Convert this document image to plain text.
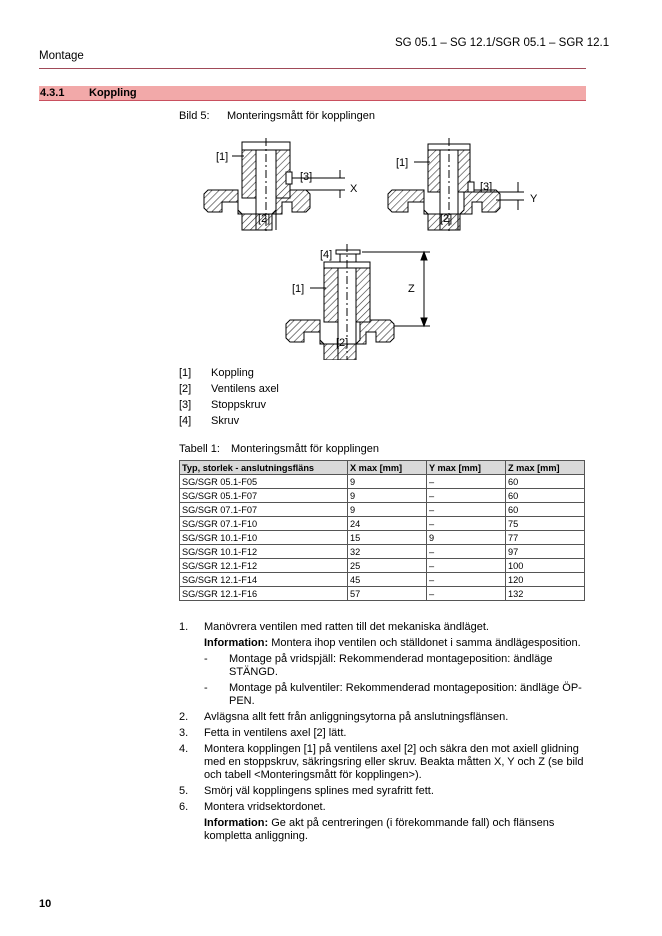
SG 05.1 – SG 12.1/SGR 05.1 – SGR 12.1
Montage
4.3.1 Koppling
Bild 5: Monteringsmått för kopplingen
[1]
[3]
[2]
X
[1]
[3]
[2]
Y
[4]
[1]
[2]
Z
[1] Koppling
[2] Ventilens axel
[3] Stoppskruv
[4] Skruv
Tabell 1: Monteringsmått för kopplingen
Typ, storlek - anslutningsfläns	X max [mm]	Y max [mm]	Z max [mm]
SG/SGR 05.1-F05	9	–	60
SG/SGR 05.1-F07	9	–	60
SG/SGR 07.1-F07	9	–	60
SG/SGR 07.1-F10	24	–	75
SG/SGR 10.1-F10	15	9	77
SG/SGR 10.1-F12	32	–	97
SG/SGR 12.1-F12	25	–	100
SG/SGR 12.1-F14	45	–	120
SG/SGR 12.1-F16	57	–	132
1. Manövrera ventilen med ratten till det mekaniska ändläget.
Information: Montera ihop ventilen och ställdonet i samma ändlägesposition.
- Montage på vridspjäll: Rekommenderad montageposition: ändläge STÄNGD.
- Montage på kulventiler: Rekommenderad montageposition: ändläge ÖP-PEN.
2. Avlägsna allt fett från anliggningsytorna på anslutningsflänsen.
3. Fetta in ventilens axel [2] lätt.
4. Montera kopplingen [1] på ventilens axel [2] och säkra den mot axiell glidning med en stoppskruv, säkringsring eller skruv. Beakta måtten X, Y och Z (se bild och tabell <Monteringsmått för kopplingen>).
5. Smörj väl kopplingens splines med syrafritt fett.
6. Montera vridsektordonet.
Information: Ge akt på centreringen (i förekommande fall) och flänsens kompletta anliggning.
10
